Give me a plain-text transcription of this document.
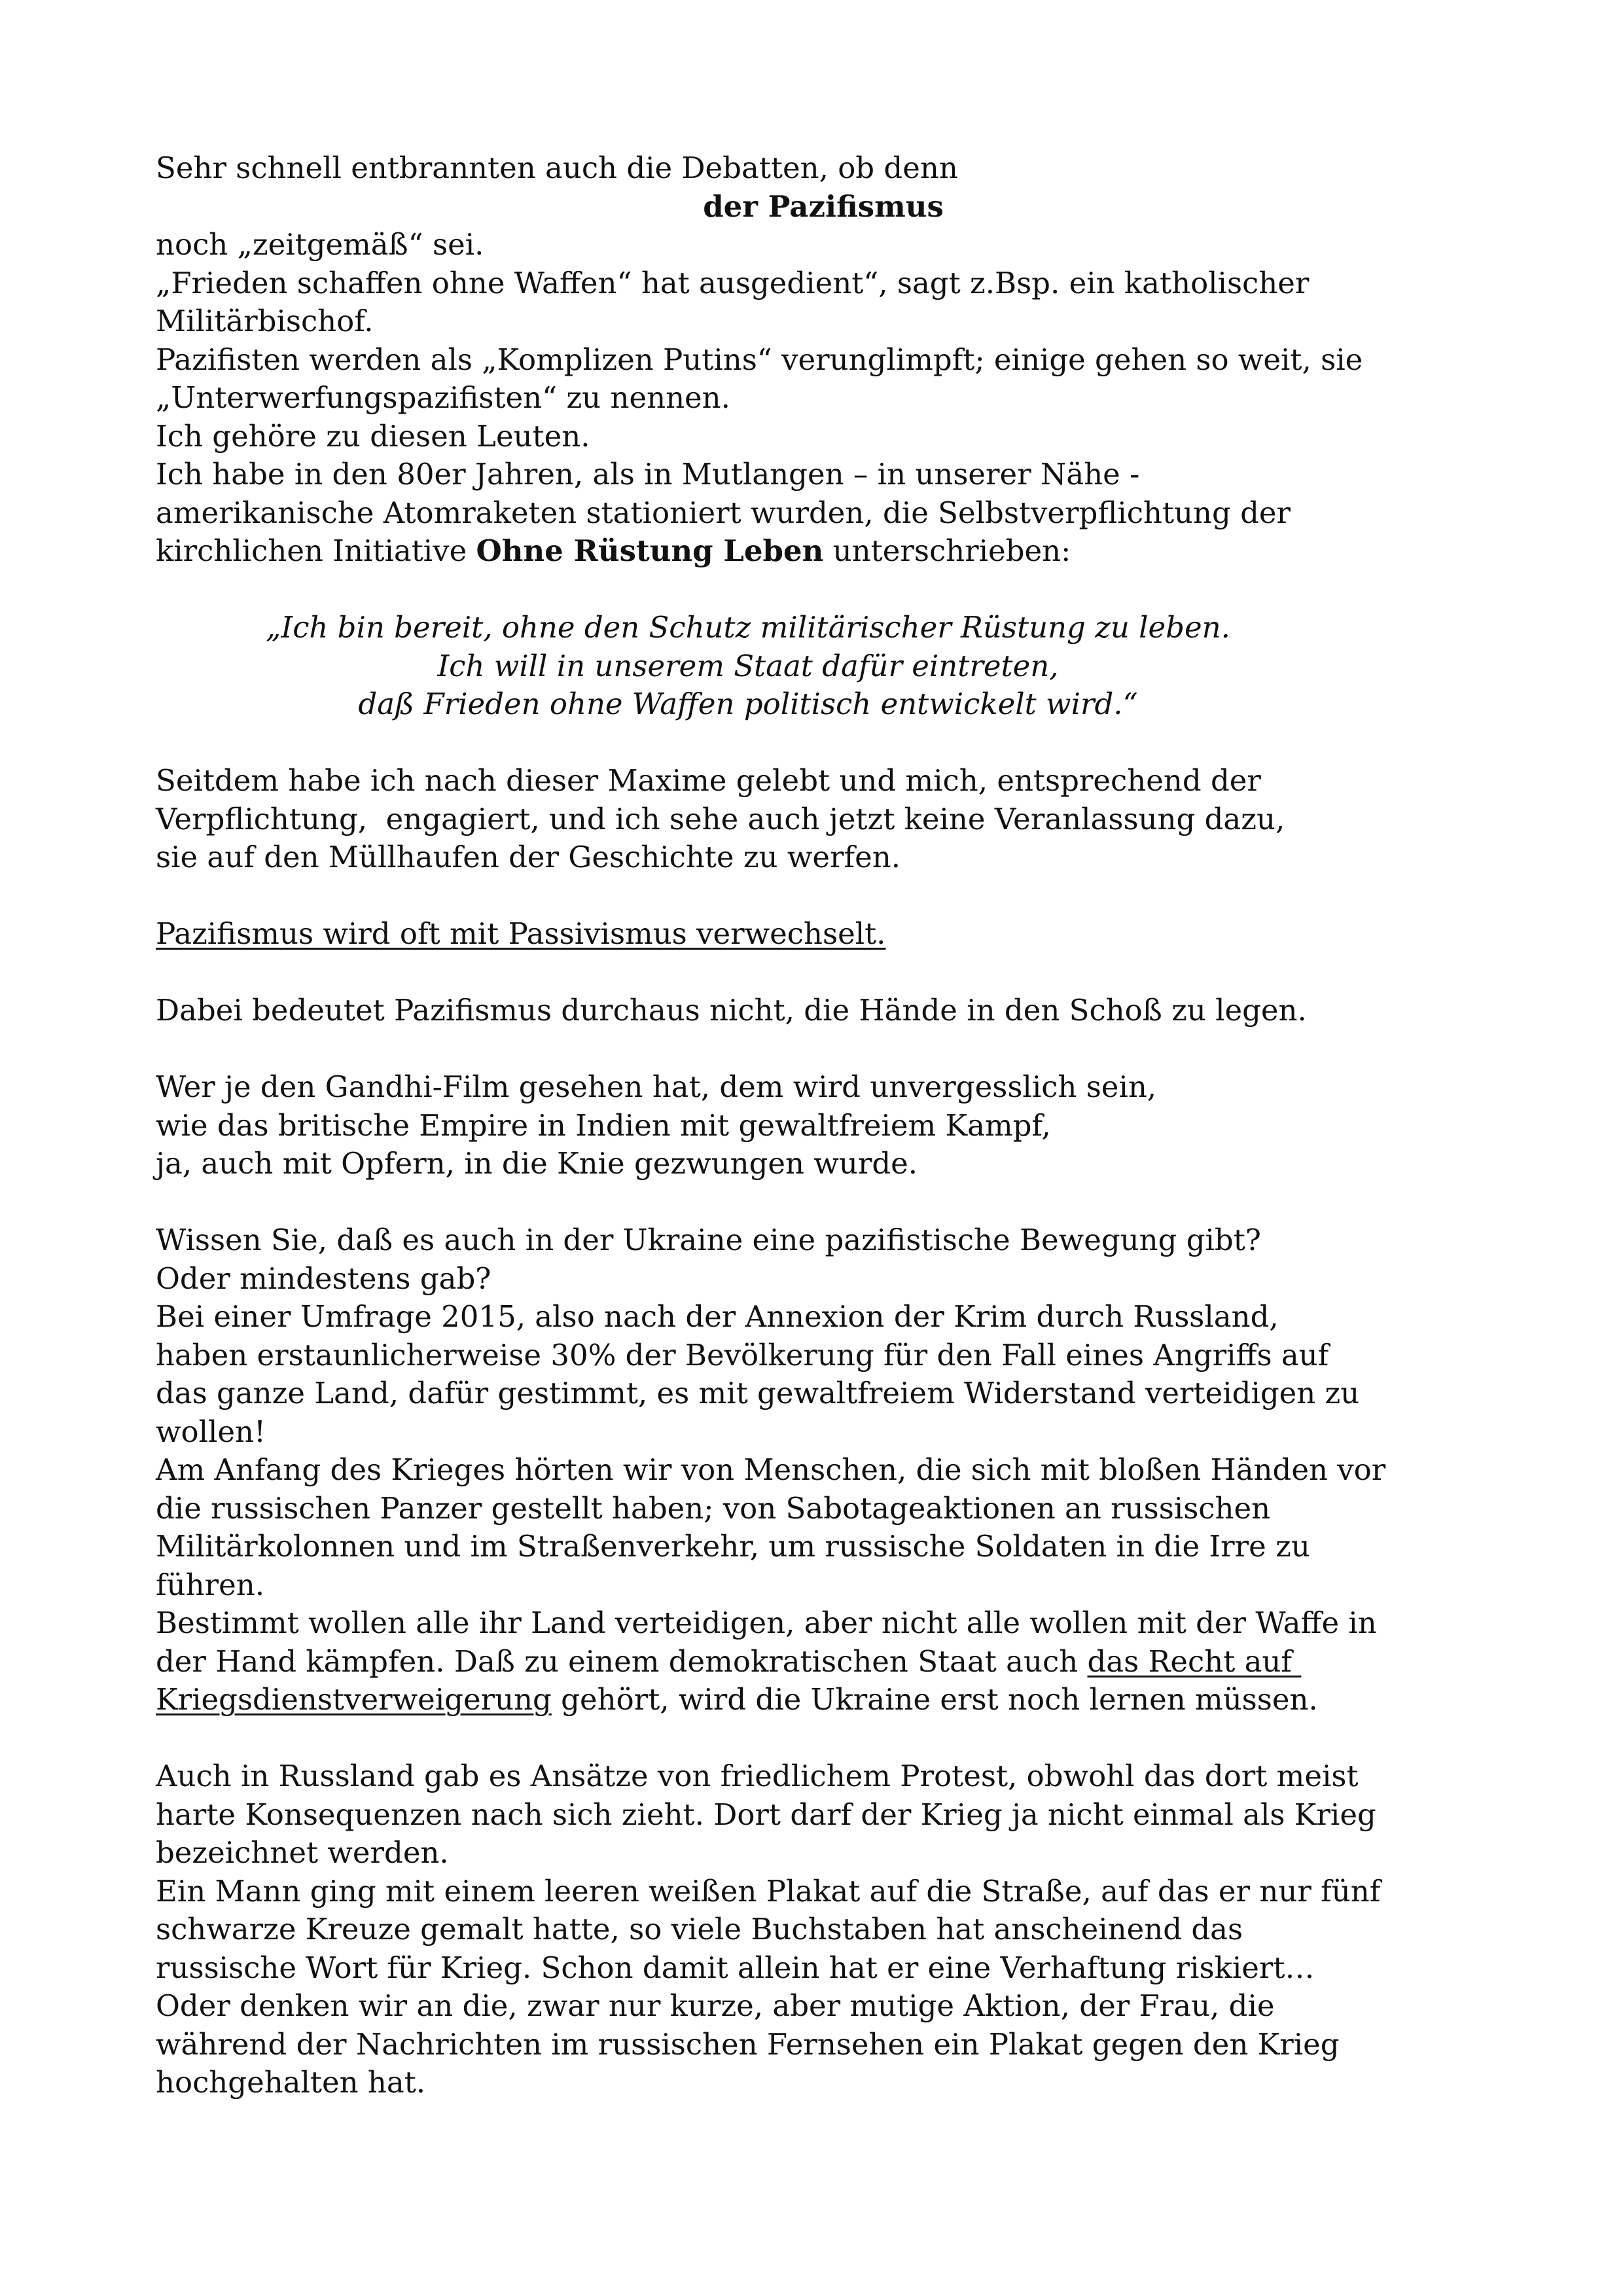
Sehr schnell entbrannten auch die Debatten, ob denn
der Pazifismus
noch „zeitgemäß“ sei.
„Frieden schaffen ohne Waffen“ hat ausgedient“, sagt z.Bsp. ein katholischer
Militärbischof.
Pazifisten werden als „Komplizen Putins“ verunglimpft; einige gehen so weit, sie
„Unterwerfungspazifisten“ zu nennen.
Ich gehöre zu diesen Leuten.
Ich habe in den 80er Jahren, als in Mutlangen – in unserer Nähe -
amerikanische Atomraketen stationiert wurden, die Selbstverpflichtung der
kirchlichen Initiative Ohne Rüstung Leben unterschrieben:
„Ich bin bereit, ohne den Schutz militärischer Rüstung zu leben.
Ich will in unserem Staat dafür eintreten,
daß Frieden ohne Waffen politisch entwickelt wird.“
Seitdem habe ich nach dieser Maxime gelebt und mich, entsprechend der
Verpflichtung,  engagiert, und ich sehe auch jetzt keine Veranlassung dazu,
sie auf den Müllhaufen der Geschichte zu werfen.
Pazifismus wird oft mit Passivismus verwechselt.
Dabei bedeutet Pazifismus durchaus nicht, die Hände in den Schoß zu legen.
Wer je den Gandhi-Film gesehen hat, dem wird unvergesslich sein,
wie das britische Empire in Indien mit gewaltfreiem Kampf,
ja, auch mit Opfern, in die Knie gezwungen wurde.
Wissen Sie, daß es auch in der Ukraine eine pazifistische Bewegung gibt?
Oder mindestens gab?
Bei einer Umfrage 2015, also nach der Annexion der Krim durch Russland,
haben erstaunlicherweise 30% der Bevölkerung für den Fall eines Angriffs auf
das ganze Land, dafür gestimmt, es mit gewaltfreiem Widerstand verteidigen zu
wollen!
Am Anfang des Krieges hörten wir von Menschen, die sich mit bloßen Händen vor
die russischen Panzer gestellt haben; von Sabotageaktionen an russischen
Militärkolonnen und im Straßenverkehr, um russische Soldaten in die Irre zu
führen.
Bestimmt wollen alle ihr Land verteidigen, aber nicht alle wollen mit der Waffe in
der Hand kämpfen. Daß zu einem demokratischen Staat auch das Recht auf
Kriegsdienstverweigerung gehört, wird die Ukraine erst noch lernen müssen.
Auch in Russland gab es Ansätze von friedlichem Protest, obwohl das dort meist
harte Konsequenzen nach sich zieht. Dort darf der Krieg ja nicht einmal als Krieg
bezeichnet werden.
Ein Mann ging mit einem leeren weißen Plakat auf die Straße, auf das er nur fünf
schwarze Kreuze gemalt hatte, so viele Buchstaben hat anscheinend das
russische Wort für Krieg. Schon damit allein hat er eine Verhaftung riskiert…
Oder denken wir an die, zwar nur kurze, aber mutige Aktion, der Frau, die
während der Nachrichten im russischen Fernsehen ein Plakat gegen den Krieg
hochgehalten hat.
